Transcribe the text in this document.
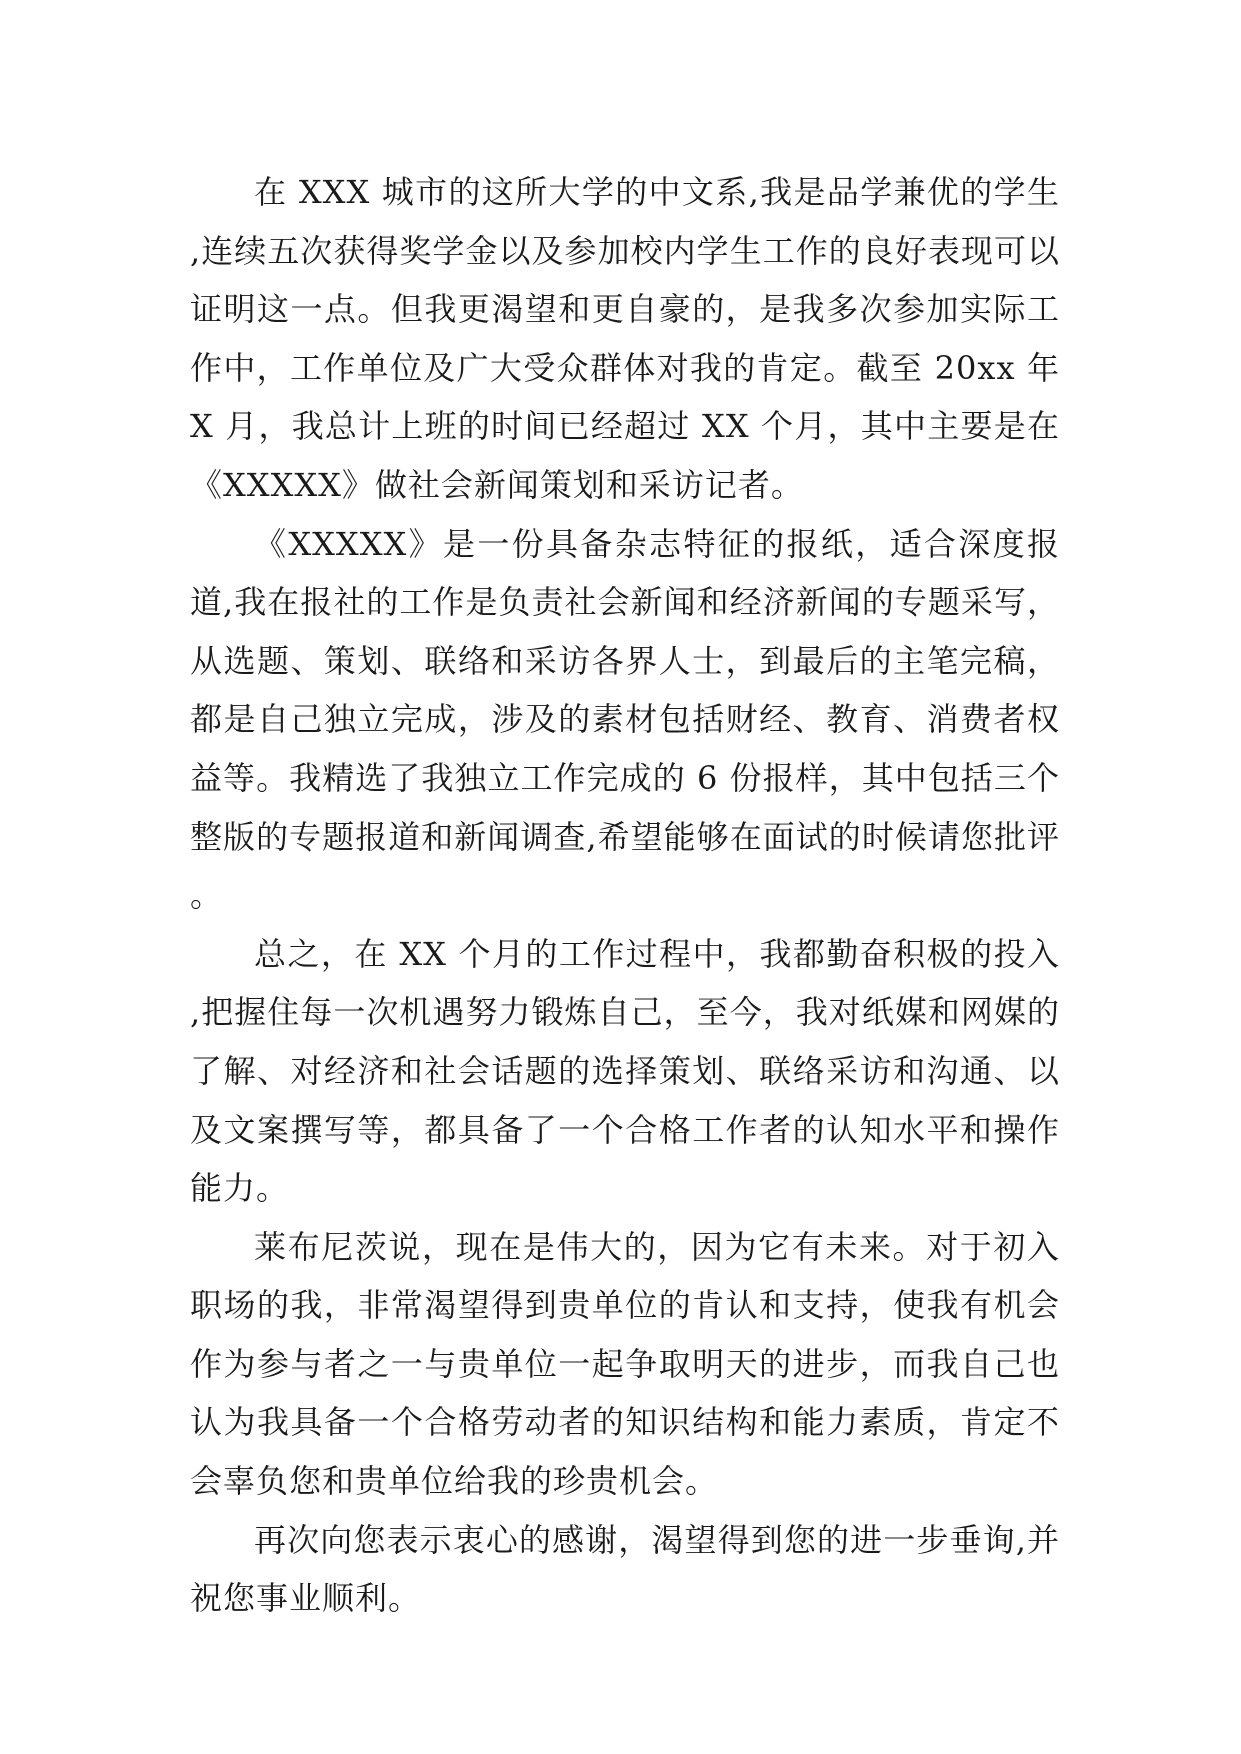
在 XXX 城市的这所大学的中文系,我是品学兼优的学生,连续五次获得奖学金以及参加校内学生工作的良好表现可以证明这一点。但我更渴望和更自豪的，是我多次参加实际工作中，工作单位及广大受众群体对我的肯定。截至 20xx 年 X 月，我总计上班的时间已经超过 XX 个月，其中主要是在《XXXXX》做社会新闻策划和采访记者。

《XXXXX》是一份具备杂志特征的报纸，适合深度报道,我在报社的工作是负责社会新闻和经济新闻的专题采写，从选题、策划、联络和采访各界人士，到最后的主笔完稿，都是自己独立完成，涉及的素材包括财经、教育、消费者权益等。我精选了我独立工作完成的 6 份报样，其中包括三个整版的专题报道和新闻调查,希望能够在面试的时候请您批评。

总之，在 XX 个月的工作过程中，我都勤奋积极的投入,把握住每一次机遇努力锻炼自己，至今，我对纸媒和网媒的了解、对经济和社会话题的选择策划、联络采访和沟通、以及文案撰写等，都具备了一个合格工作者的认知水平和操作能力。

莱布尼茨说，现在是伟大的，因为它有未来。对于初入职场的我，非常渴望得到贵单位的肯认和支持，使我有机会作为参与者之一与贵单位一起争取明天的进步，而我自己也认为我具备一个合格劳动者的知识结构和能力素质，肯定不会辜负您和贵单位给我的珍贵机会。

再次向您表示衷心的感谢，渴望得到您的进一步垂询,并祝您事业顺利。
